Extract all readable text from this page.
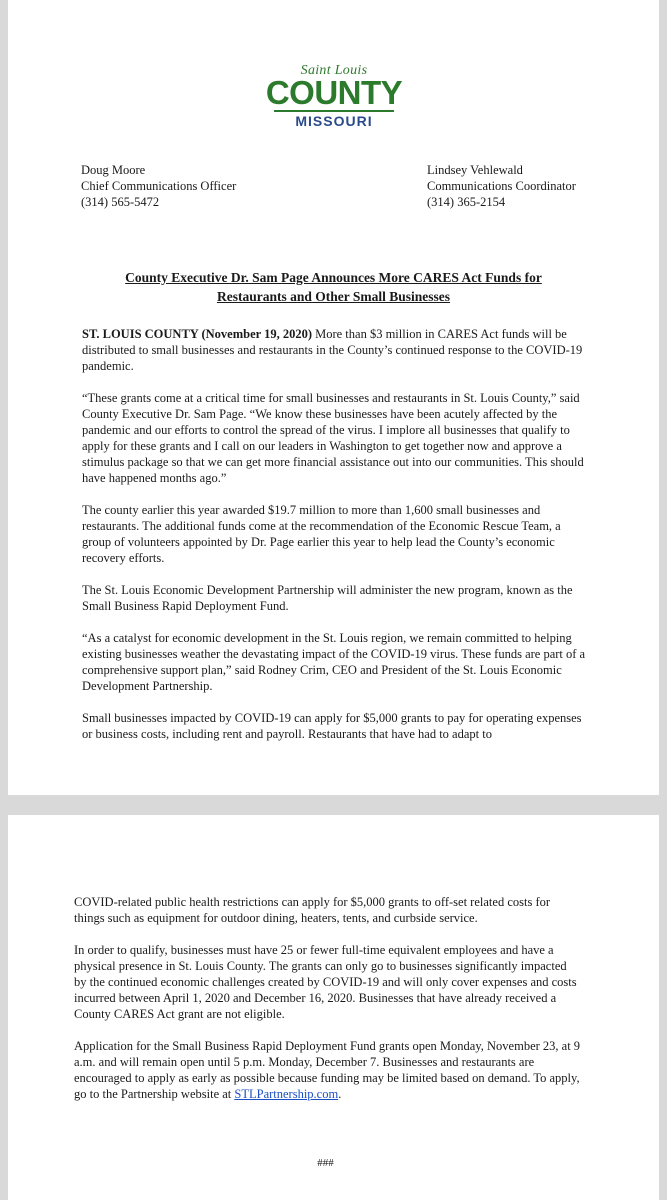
Saint Louis
COUNTY
MISSOURI
Doug Moore
Chief Communications Officer
(314) 565-5472
Lindsey Vehlewald
Communications Coordinator
(314) 365-2154
County Executive Dr. Sam Page Announces More CARES Act Funds for
Restaurants and Other Small Businesses

ST. LOUIS COUNTY (November 19, 2020) More than $3 million in CARES Act funds will be distributed to small businesses and restaurants in the County’s continued response to the COVID-19 pandemic.

“These grants come at a critical time for small businesses and restaurants in St. Louis County,” said County Executive Dr. Sam Page. “We know these businesses have been acutely affected by the pandemic and our efforts to control the spread of the virus. I implore all businesses that qualify to apply for these grants and I call on our leaders in Washington to get together now and approve a stimulus package so that we can get more financial assistance out into our communities. This should have happened months ago.”

The county earlier this year awarded $19.7 million to more than 1,600 small businesses and restaurants. The additional funds come at the recommendation of the Economic Rescue Team, a group of volunteers appointed by Dr. Page earlier this year to help lead the County’s economic recovery efforts.

The St. Louis Economic Development Partnership will administer the new program, known as the Small Business Rapid Deployment Fund.

“As a catalyst for economic development in the St. Louis region, we remain committed to helping existing businesses weather the devastating impact of the COVID-19 virus. These funds are part of a comprehensive support plan,” said Rodney Crim, CEO and President of the St. Louis Economic Development Partnership.

Small businesses impacted by COVID-19 can apply for $5,000 grants to pay for operating expenses or business costs, including rent and payroll. Restaurants that have had to adapt to

COVID-related public health restrictions can apply for $5,000 grants to off-set related costs for things such as equipment for outdoor dining, heaters, tents, and curbside service.

In order to qualify, businesses must have 25 or fewer full-time equivalent employees and have a physical presence in St. Louis County. The grants can only go to businesses significantly impacted by the continued economic challenges created by COVID-19 and will only cover expenses and costs incurred between April 1, 2020 and December 16, 2020. Businesses that have already received a County CARES Act grant are not eligible.

Application for the Small Business Rapid Deployment Fund grants open Monday, November 23, at 9 a.m. and will remain open until 5 p.m. Monday, December 7. Businesses and restaurants are encouraged to apply as early as possible because funding may be limited based on demand. To apply, go to the Partnership website at STLPartnership.com.

###
